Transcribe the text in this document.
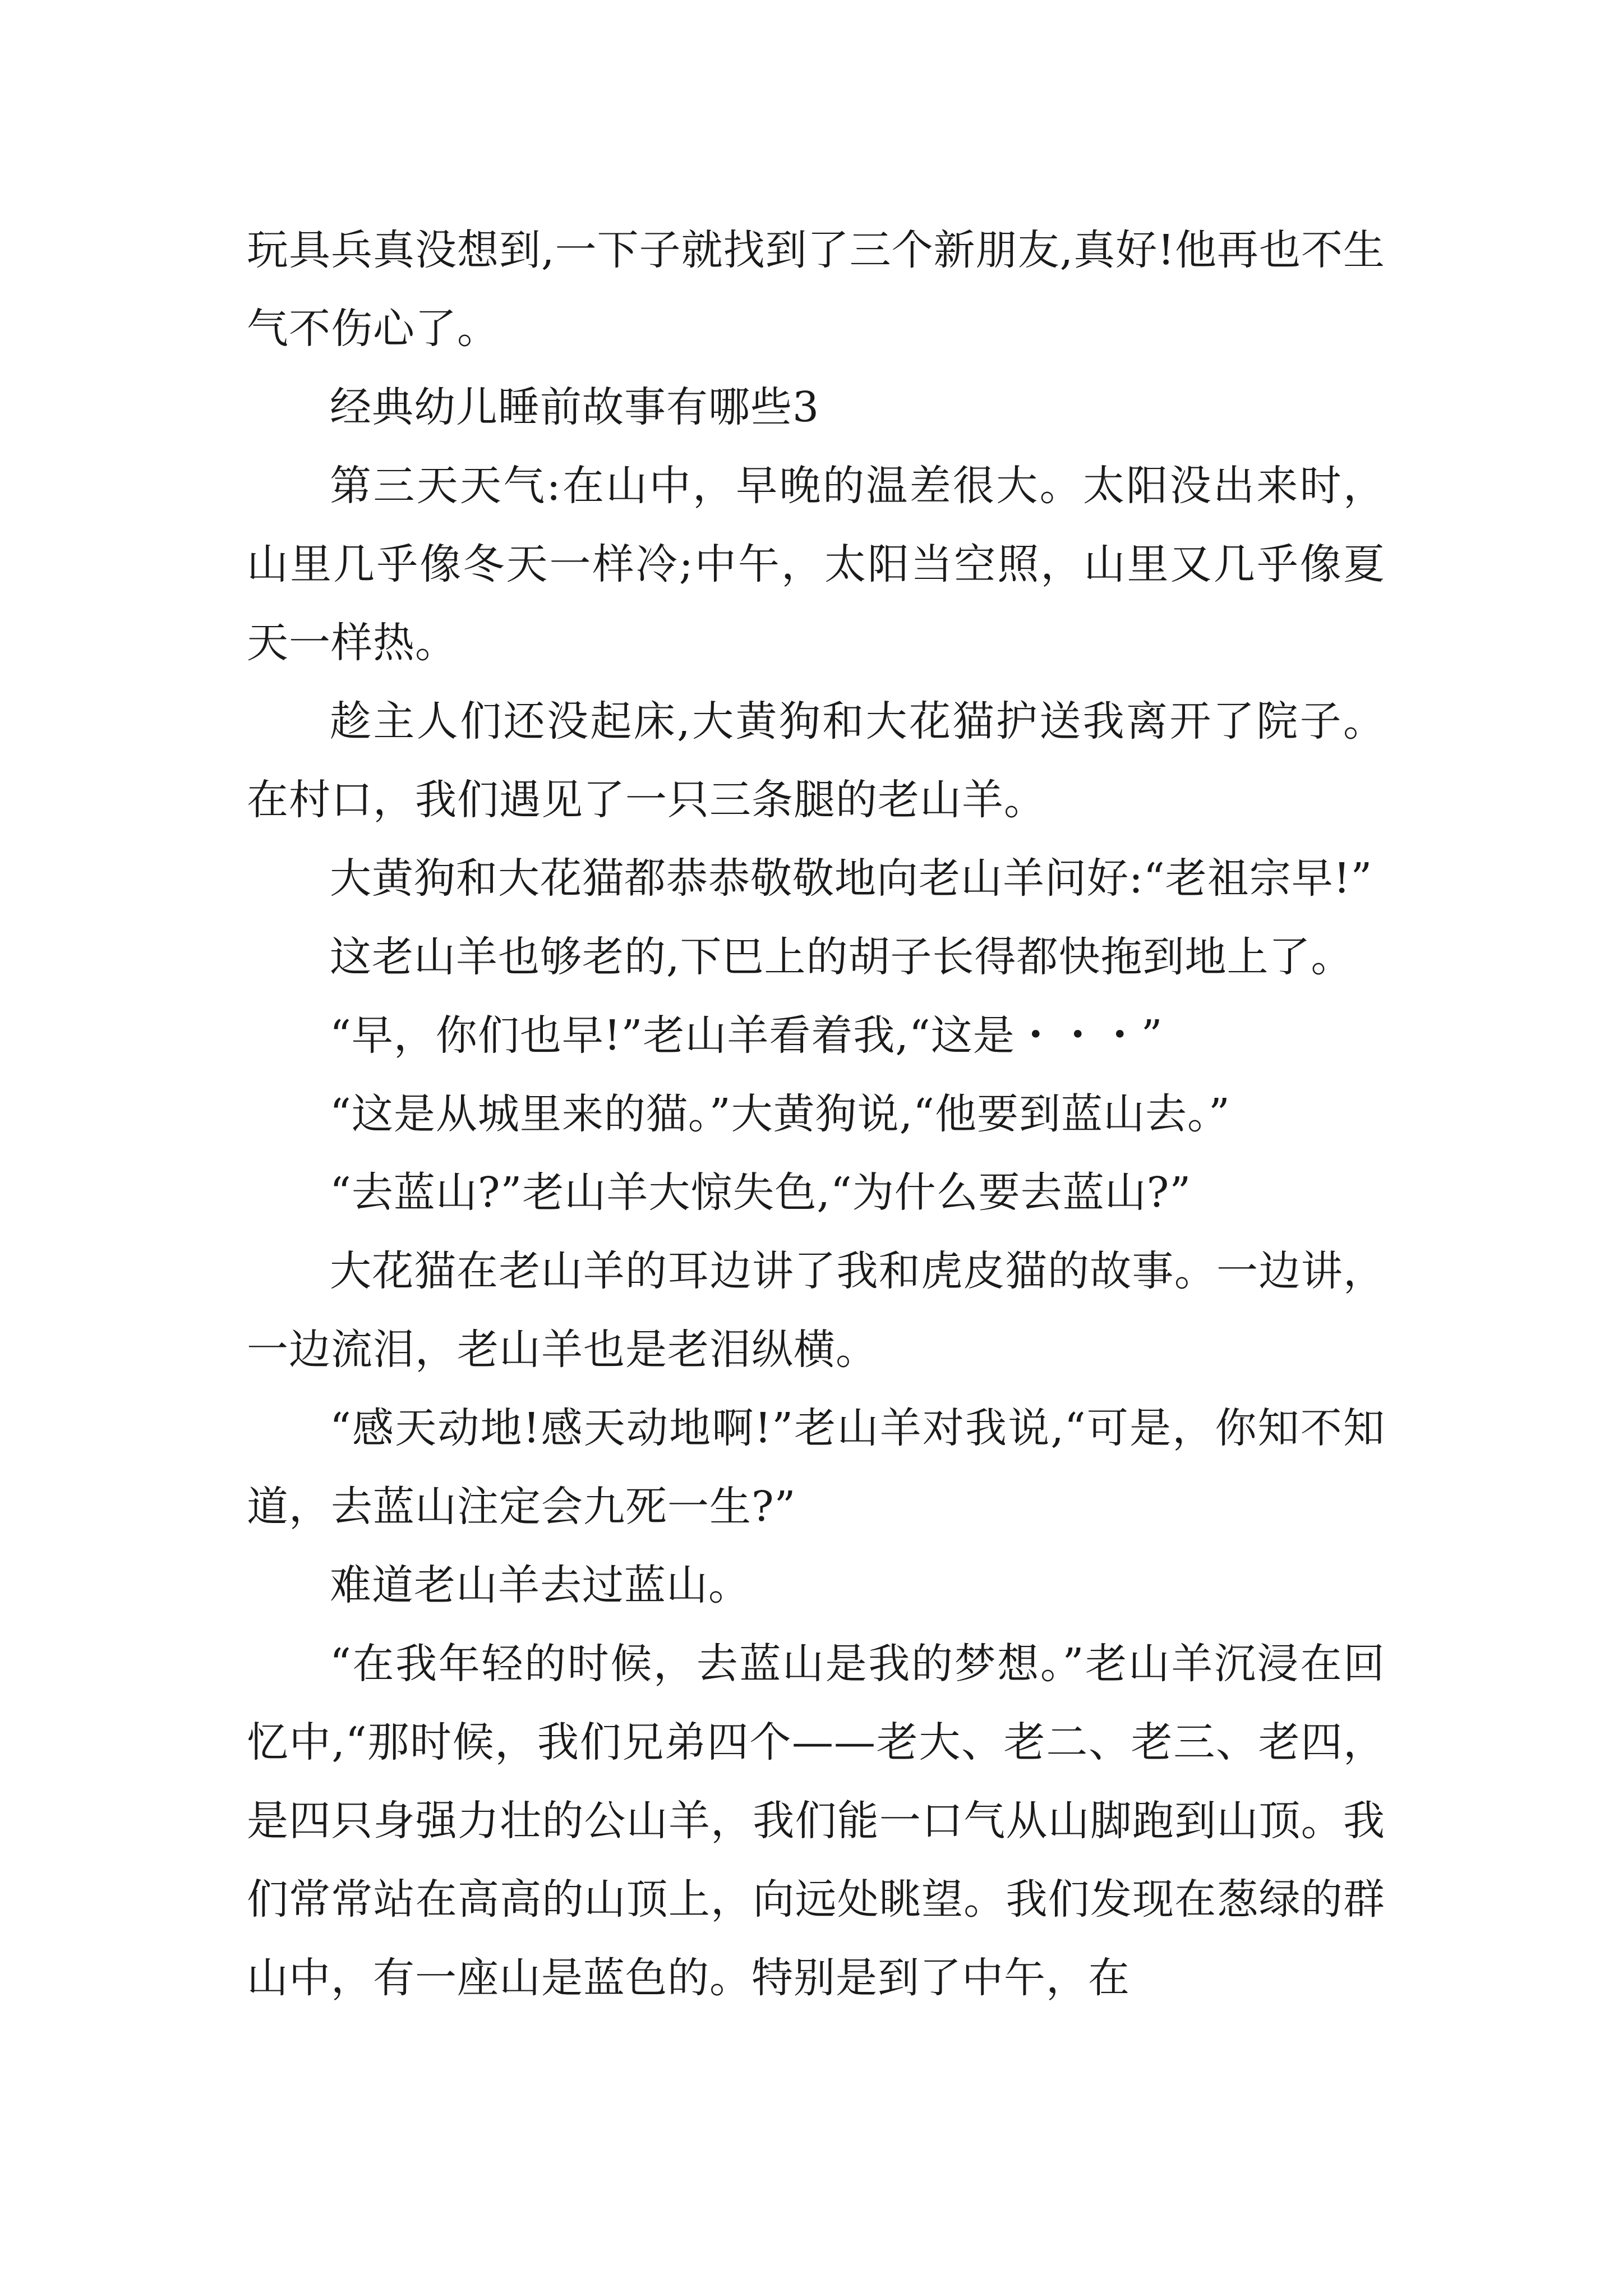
玩具兵真没想到,一下子就找到了三个新朋友,真好!他再也不生气不伤心了。

经典幼儿睡前故事有哪些3

第三天天气:在山中，早晚的温差很大。太阳没出来时，山里几乎像冬天一样冷;中午，太阳当空照，山里又几乎像夏天一样热。

趁主人们还没起床,大黄狗和大花猫护送我离开了院子。在村口，我们遇见了一只三条腿的老山羊。

大黄狗和大花猫都恭恭敬敬地向老山羊问好:“老祖宗早!”

这老山羊也够老的,下巴上的胡子长得都快拖到地上了。

“早，你们也早!”老山羊看着我,“这是・・・”

“这是从城里来的猫。”大黄狗说,“他要到蓝山去。”

“去蓝山?”老山羊大惊失色,“为什么要去蓝山?”

大花猫在老山羊的耳边讲了我和虎皮猫的故事。一边讲，一边流泪，老山羊也是老泪纵横。

“感天动地!感天动地啊!”老山羊对我说,“可是，你知不知道，去蓝山注定会九死一生?”

难道老山羊去过蓝山。

“在我年轻的时候，去蓝山是我的梦想。”老山羊沉浸在回忆中,“那时候，我们兄弟四个——老大、老二、老三、老四，是四只身强力壮的公山羊，我们能一口气从山脚跑到山顶。我们常常站在高高的山顶上，向远处眺望。我们发现在葱绿的群山中，有一座山是蓝色的。特别是到了中午，在
